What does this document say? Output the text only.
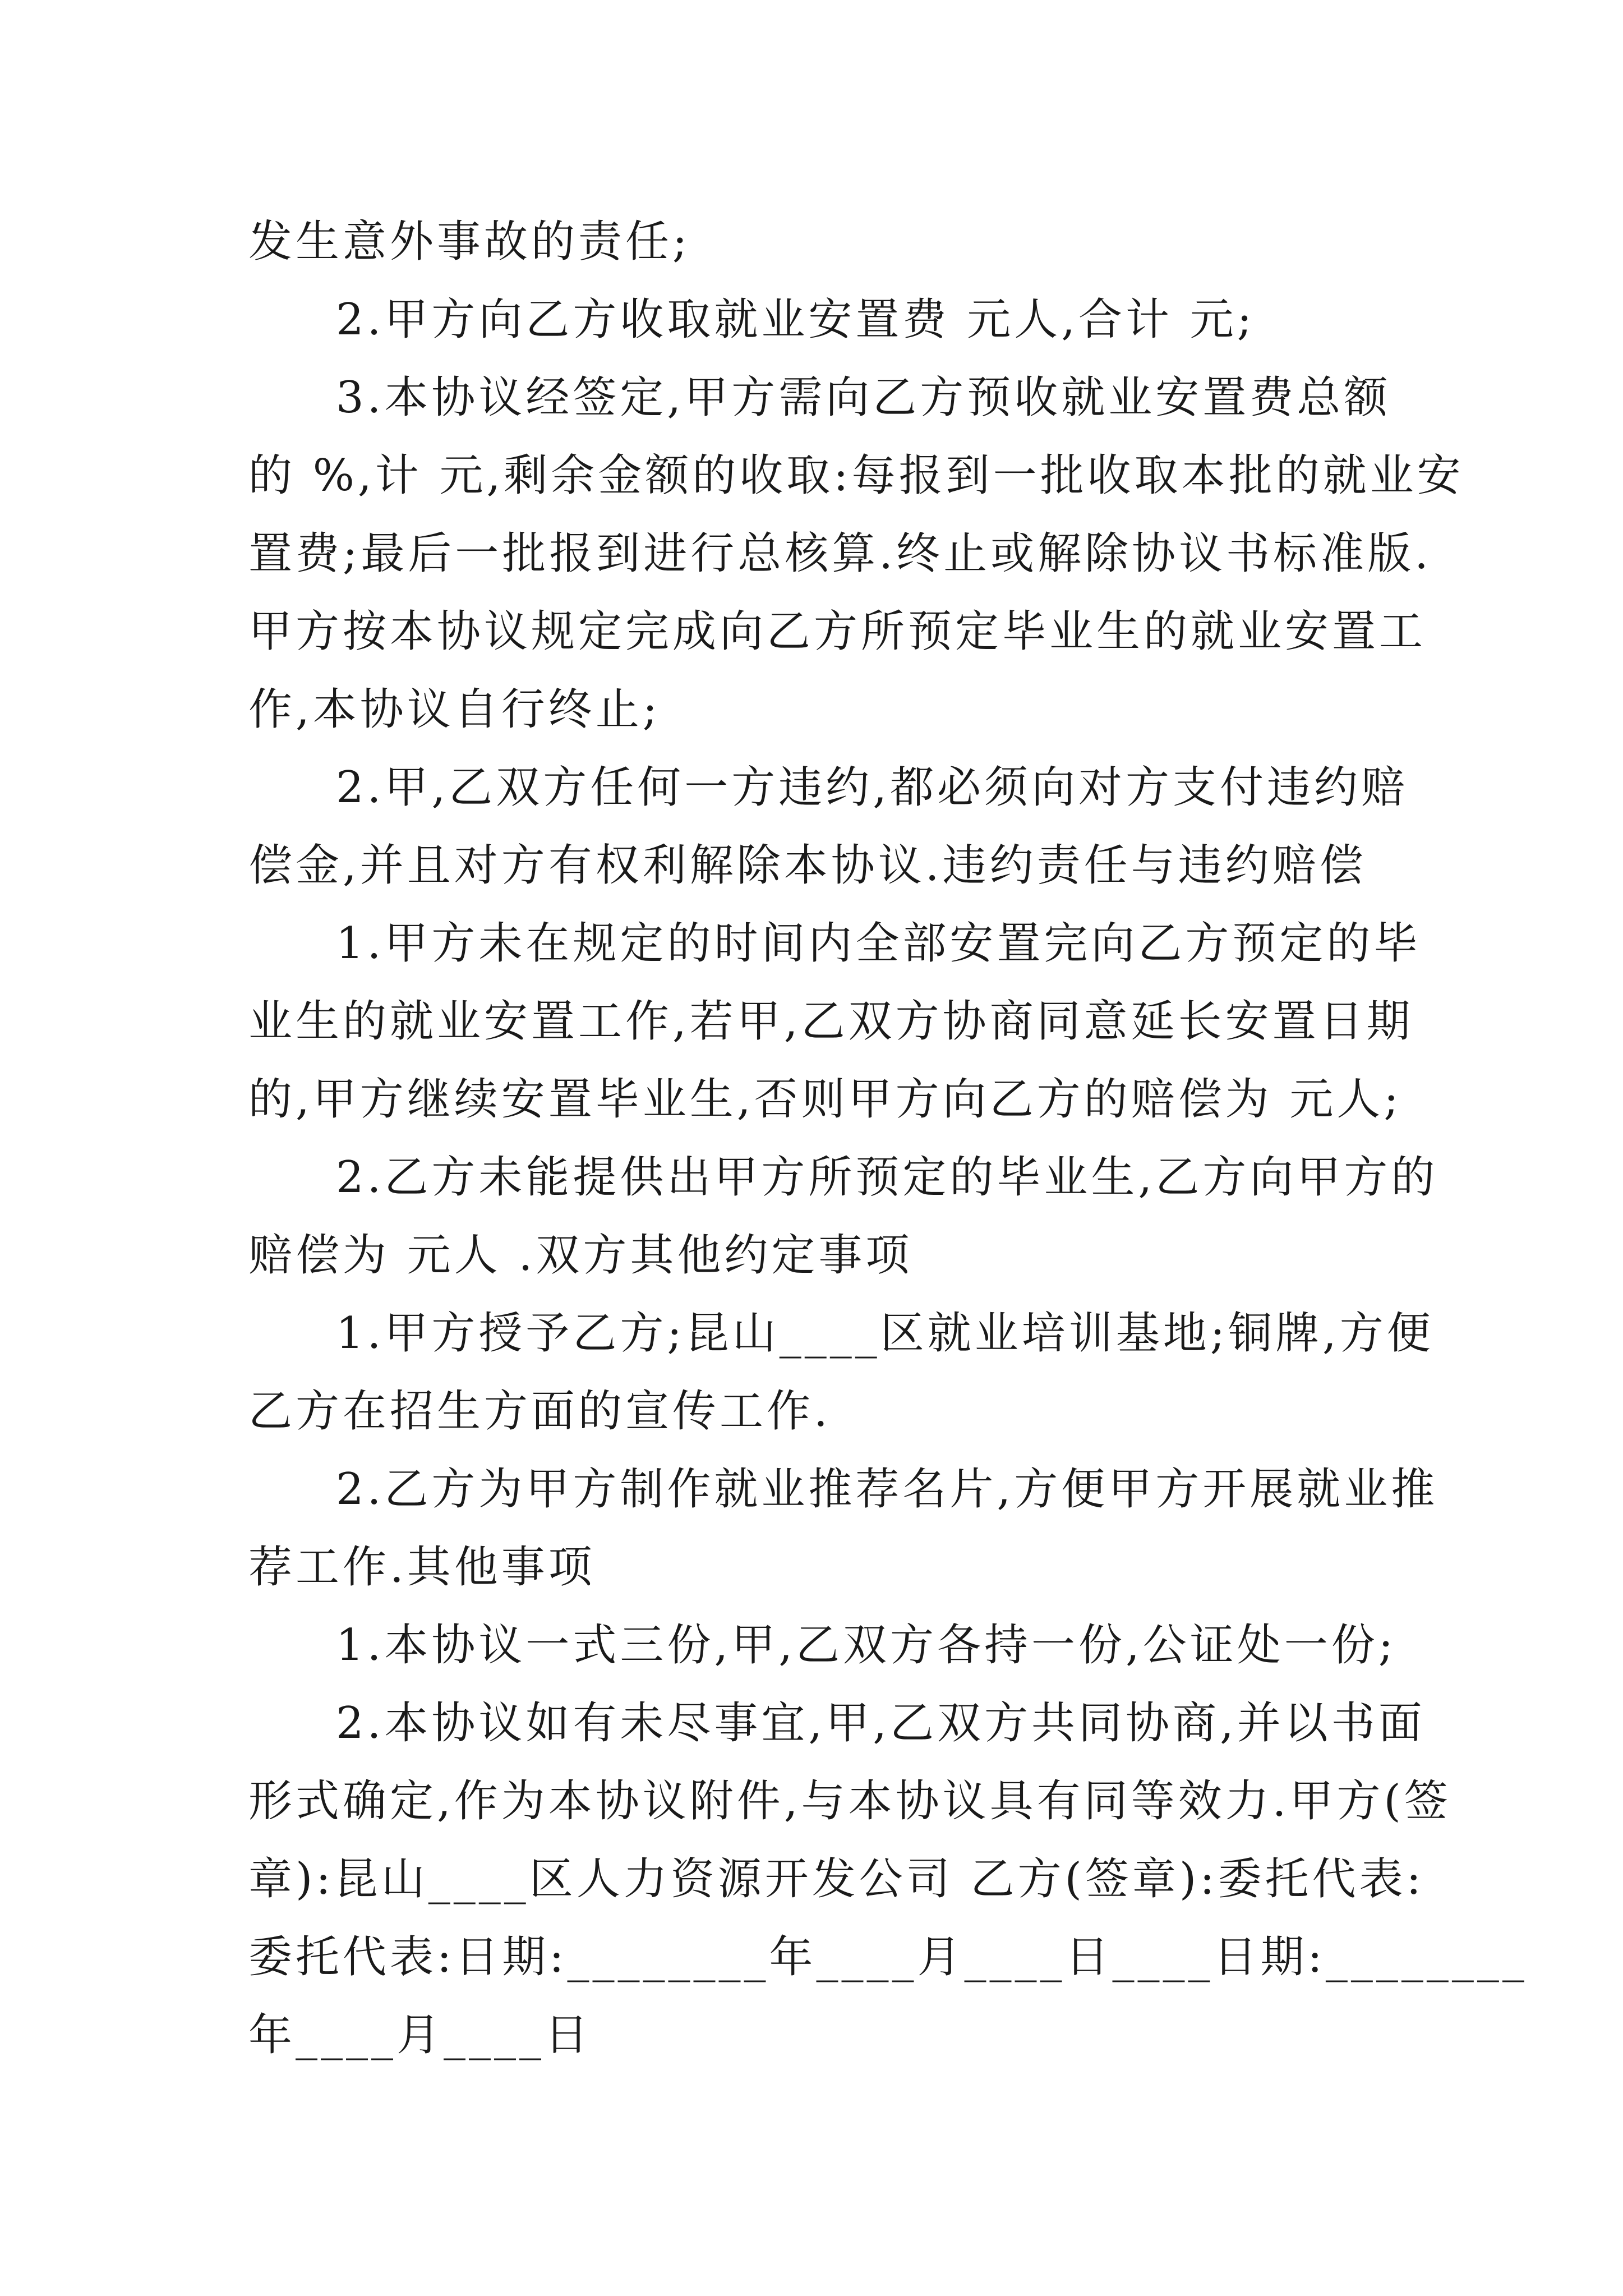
发生意外事故的责任;
2.甲方向乙方收取就业安置费 元人,合计 元;
3.本协议经签定,甲方需向乙方预收就业安置费总额
的 %,计 元,剩余金额的收取:每报到一批收取本批的就业安
置费;最后一批报到进行总核算.终止或解除协议书标准版.
甲方按本协议规定完成向乙方所预定毕业生的就业安置工
作,本协议自行终止;
2.甲,乙双方任何一方违约,都必须向对方支付违约赔
偿金,并且对方有权利解除本协议.违约责任与违约赔偿
1.甲方未在规定的时间内全部安置完向乙方预定的毕
业生的就业安置工作,若甲,乙双方协商同意延长安置日期
的,甲方继续安置毕业生,否则甲方向乙方的赔偿为 元人;
2.乙方未能提供出甲方所预定的毕业生,乙方向甲方的
赔偿为 元人 .双方其他约定事项
1.甲方授予乙方;昆山____区就业培训基地;铜牌,方便
乙方在招生方面的宣传工作.
2.乙方为甲方制作就业推荐名片,方便甲方开展就业推
荐工作.其他事项
1.本协议一式三份,甲,乙双方各持一份,公证处一份;
2.本协议如有未尽事宜,甲,乙双方共同协商,并以书面
形式确定,作为本协议附件,与本协议具有同等效力.甲方(签
章):昆山____区人力资源开发公司 乙方(签章):委托代表:
委托代表:日期:________年____月____日____日期:________
年____月____日
